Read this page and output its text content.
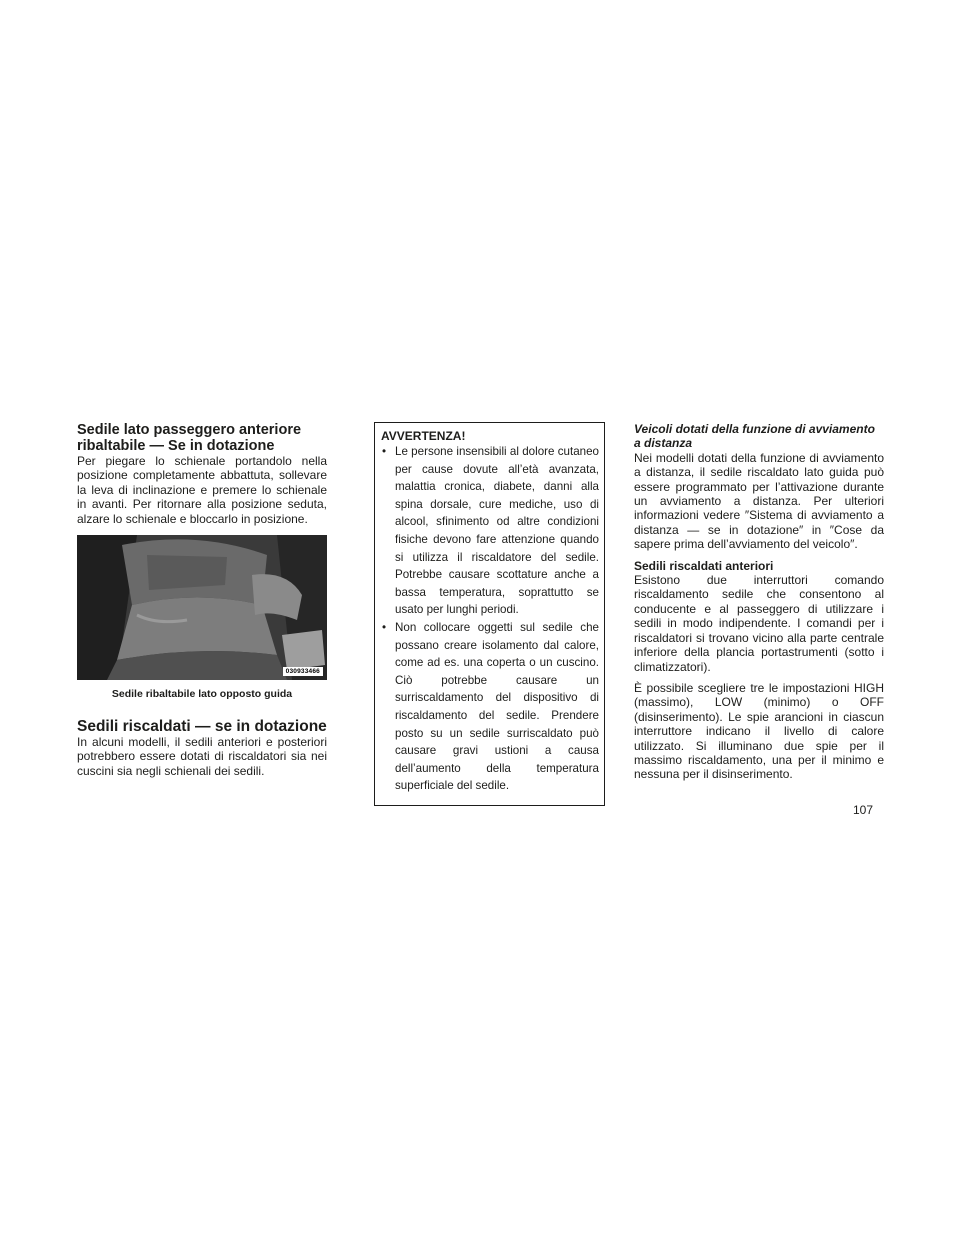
Sedile lato passeggero anteriore
ribaltabile — Se in dotazione

Per piegare lo schienale portandolo nella posizione completamente abbattuta, sollevare la leva di inclinazione e premere lo schienale in avanti. Per ritornare alla posizione seduta, alzare lo schienale e bloccarlo in posizione.

030933466
Sedile ribaltabile lato opposto guida
Sedili riscaldati — se in dotazione

In alcuni modelli, il sedili anteriori e posteriori potrebbero essere dotati di riscaldatori sia nei cuscini sia negli schienali dei sedili.

AVVERTENZA!
• Le persone insensibili al dolore cutaneo per cause dovute all’età avanzata, malattia cronica, diabete, danni alla spina dorsale, cure mediche, uso di alcool, sfinimento od altre condizioni fisiche devono fare attenzione quando si utilizza il riscaldatore del sedile. Potrebbe causare scottature anche a bassa temperatura, soprattutto se usato per lunghi periodi.
• Non collocare oggetti sul sedile che possano creare isolamento dal calore, come ad es. una coperta o un cuscino. Ciò potrebbe causare un surriscaldamento del dispositivo di riscaldamento del sedile. Prendere posto su un sedile surriscaldato può causare gravi ustioni a causa dell’aumento della temperatura superficiale del sedile.
Veicoli dotati della funzione di avviamento
a distanza

Nei modelli dotati della funzione di avviamento a distanza, il sedile riscaldato lato guida può essere programmato per l’attivazione durante un avviamento a distanza. Per ulteriori informazioni vedere ″Sistema di avviamento a distanza — se in dotazione″ in ″Cose da sapere prima dell’avviamento del veicolo″.

Sedili riscaldati anteriori

Esistono due interruttori comando riscaldamento sedile che consentono al conducente e al passeggero di utilizzare i sedili in modo indipendente. I comandi per i riscaldatori si trovano vicino alla parte centrale inferiore della plancia portastrumenti (sotto i climatizzatori).

È possibile scegliere tre le impostazioni HIGH (massimo), LOW (minimo) o OFF (disinserimento). Le spie arancioni in ciascun interruttore indicano il livello di calore utilizzato. Si illuminano due spie per il massimo riscaldamento, una per il minimo e nessuna per il disinserimento.

107
